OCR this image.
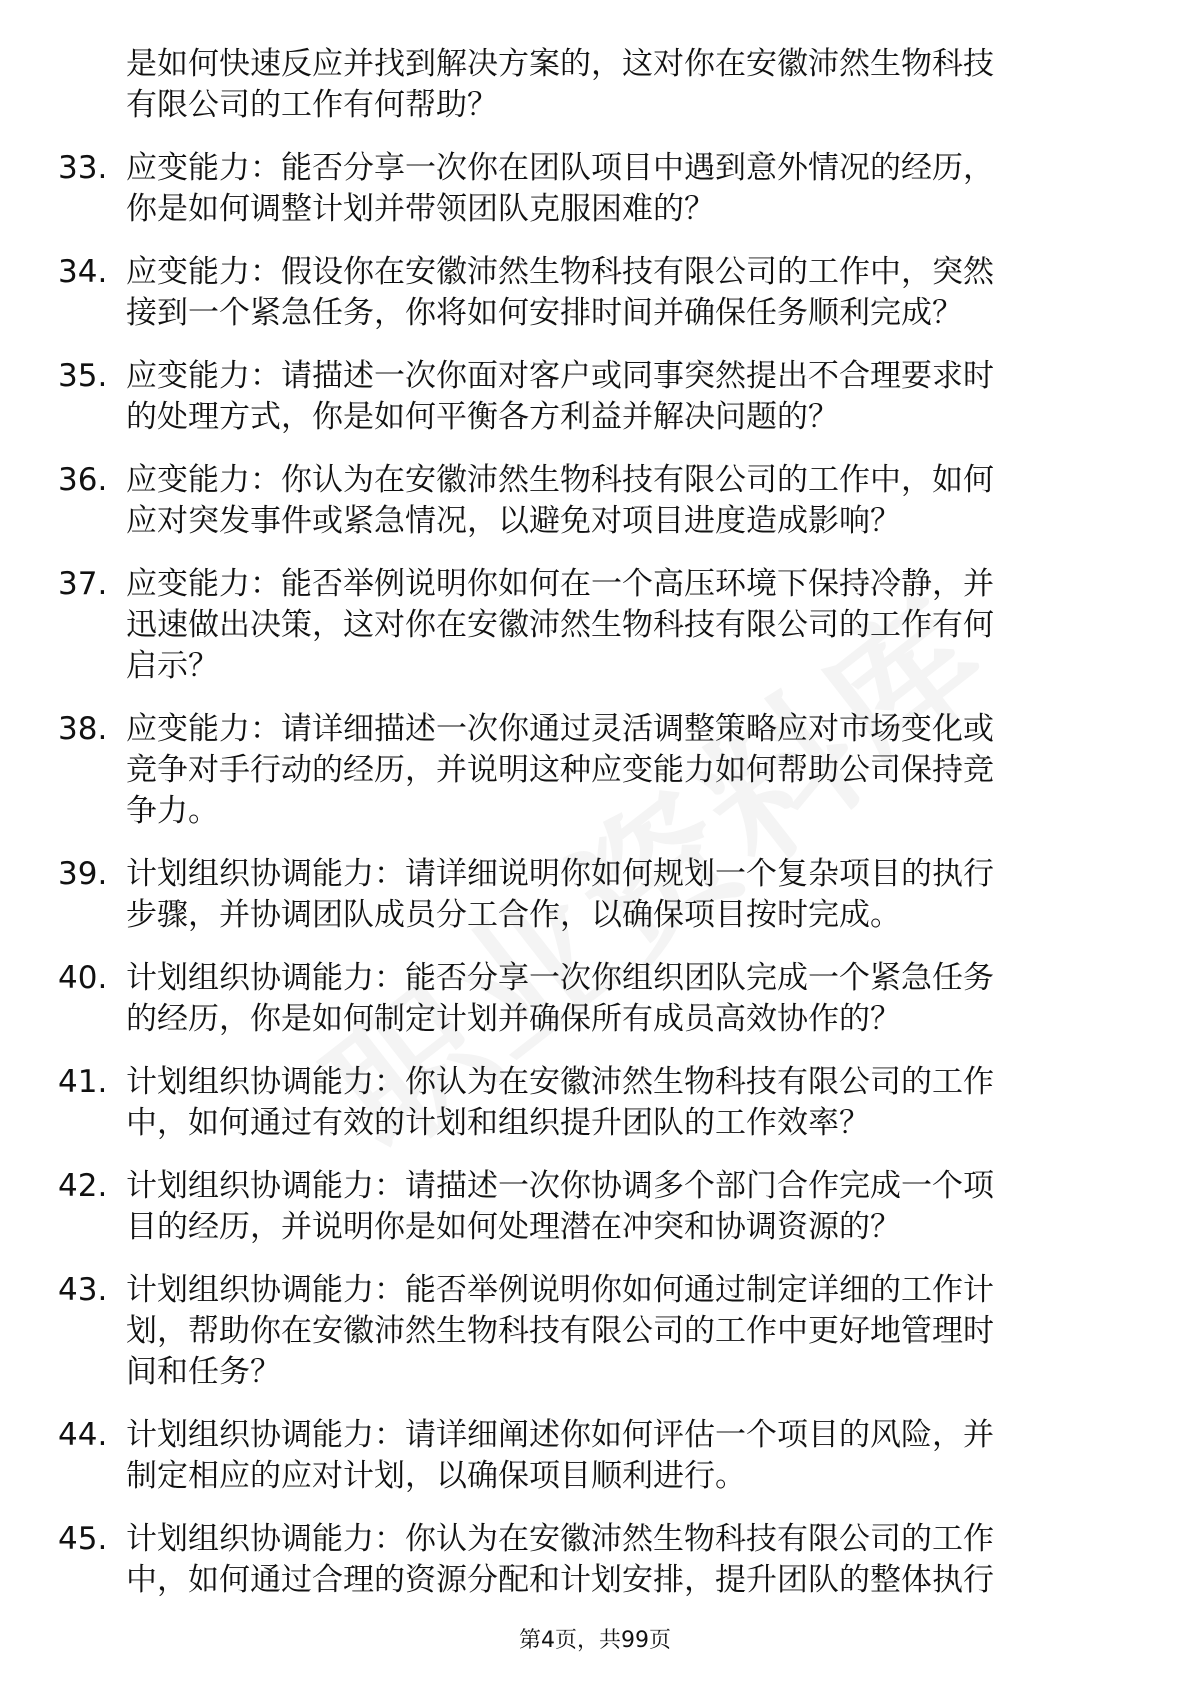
是如何快速反应并找到解决方案的，这对你在安徽沛然生物科技
有限公司的工作有何帮助？
33. 应变能力：能否分享一次你在团队项目中遇到意外情况的经历，
你是如何调整计划并带领团队克服困难的？
34. 应变能力：假设你在安徽沛然生物科技有限公司的工作中，突然
接到一个紧急任务，你将如何安排时间并确保任务顺利完成？
35. 应变能力：请描述一次你面对客户或同事突然提出不合理要求时
的处理方式，你是如何平衡各方利益并解决问题的？
36. 应变能力：你认为在安徽沛然生物科技有限公司的工作中，如何
应对突发事件或紧急情况，以避免对项目进度造成影响？
37. 应变能力：能否举例说明你如何在一个高压环境下保持冷静，并
迅速做出决策，这对你在安徽沛然生物科技有限公司的工作有何
启示？
38. 应变能力：请详细描述一次你通过灵活调整策略应对市场变化或
竞争对手行动的经历，并说明这种应变能力如何帮助公司保持竞
争力。
39. 计划组织协调能力：请详细说明你如何规划一个复杂项目的执行
步骤，并协调团队成员分工合作，以确保项目按时完成。
40. 计划组织协调能力：能否分享一次你组织团队完成一个紧急任务
的经历，你是如何制定计划并确保所有成员高效协作的？
41. 计划组织协调能力：你认为在安徽沛然生物科技有限公司的工作
中，如何通过有效的计划和组织提升团队的工作效率？
42. 计划组织协调能力：请描述一次你协调多个部门合作完成一个项
目的经历，并说明你是如何处理潜在冲突和协调资源的？
43. 计划组织协调能力：能否举例说明你如何通过制定详细的工作计
划，帮助你在安徽沛然生物科技有限公司的工作中更好地管理时
间和任务？
44. 计划组织协调能力：请详细阐述你如何评估一个项目的风险，并
制定相应的应对计划，以确保项目顺利进行。
45. 计划组织协调能力：你认为在安徽沛然生物科技有限公司的工作
中，如何通过合理的资源分配和计划安排，提升团队的整体执行
第4页，共99页
